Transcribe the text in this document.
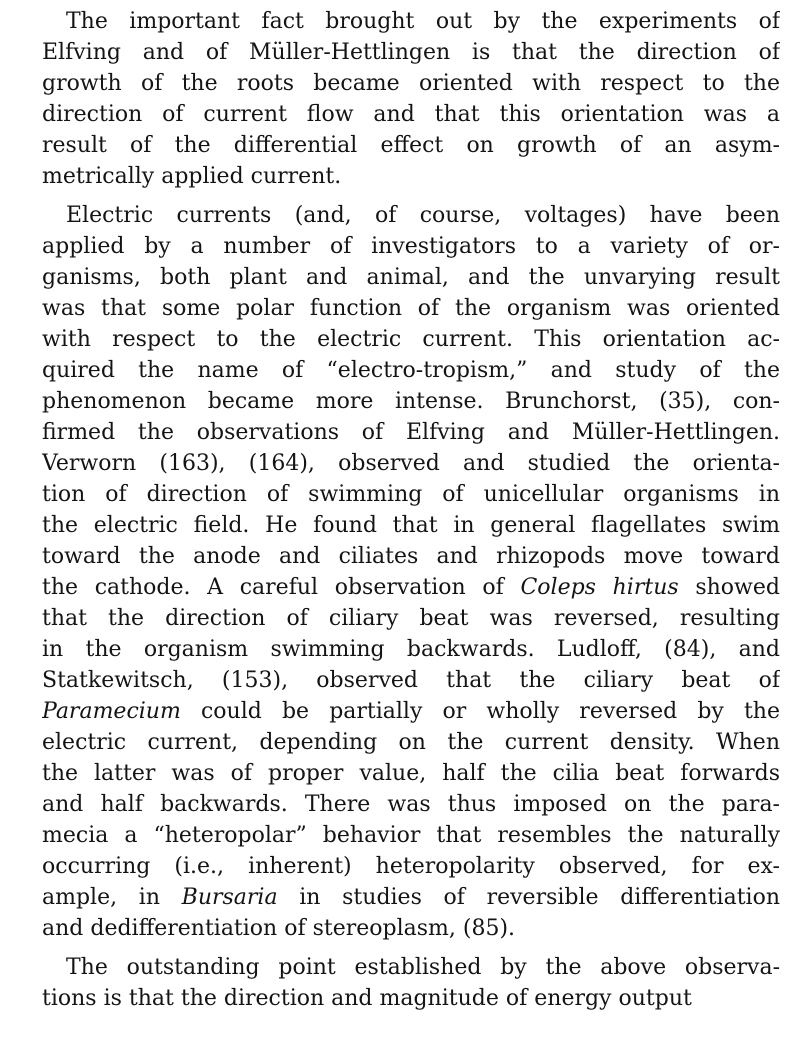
The important fact brought out by the experiments of
Elfving and of Müller-Hettlingen is that the direction of
growth of the roots became oriented with respect to the
direction of current flow and that this orientation was a
result of the differential effect on growth of an asym-
metrically applied current.
Electric currents (and, of course, voltages) have been
applied by a number of investigators to a variety of or-
ganisms, both plant and animal, and the unvarying result
was that some polar function of the organism was oriented
with respect to the electric current. This orientation ac-
quired the name of “electro-tropism,” and study of the
phenomenon became more intense. Brunchorst, (35), con-
firmed the observations of Elfving and Müller-Hettlingen.
Verworn (163), (164), observed and studied the orienta-
tion of direction of swimming of unicellular organisms in
the electric field. He found that in general flagellates swim
toward the anode and ciliates and rhizopods move toward
the cathode. A careful observation of Coleps hirtus showed
that the direction of ciliary beat was reversed, resulting
in the organism swimming backwards. Ludloff, (84), and
Statkewitsch, (153), observed that the ciliary beat of
Paramecium could be partially or wholly reversed by the
electric current, depending on the current density. When
the latter was of proper value, half the cilia beat forwards
and half backwards. There was thus imposed on the para-
mecia a “heteropolar” behavior that resembles the naturally
occurring (i.e., inherent) heteropolarity observed, for ex-
ample, in Bursaria in studies of reversible differentiation
and dedifferentiation of stereoplasm, (85).
The outstanding point established by the above observa-
tions is that the direction and magnitude of energy output
